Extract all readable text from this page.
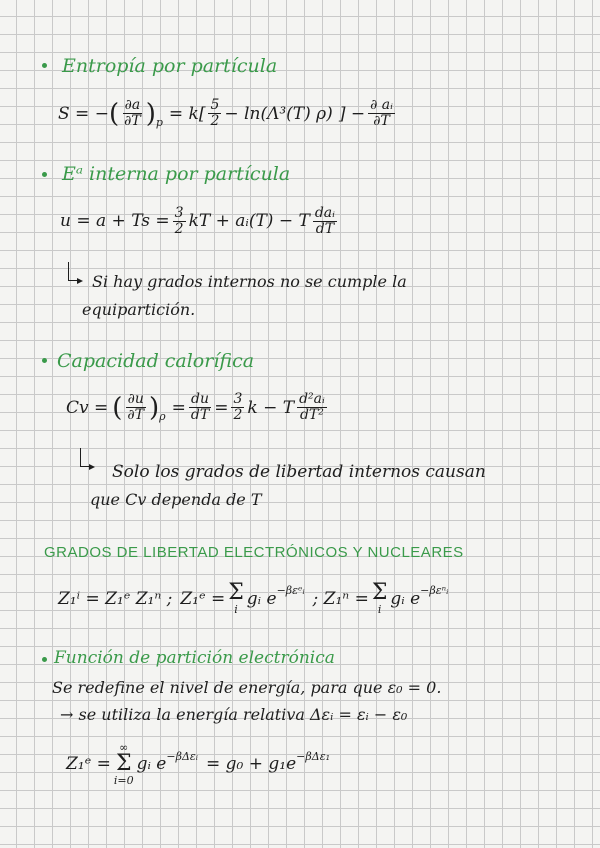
Entropía por partícula
S = − ( $\frac{\partial a}{\partial T} )_p = k[ \frac{5}{2} - \ln(\Lambda^3(T)$ ρ) ] − $\frac{\text{∂ aᵢ}}{\partial T}$
Eᵃ interna por partícula
$u = a + Ts = \frac{3}{2}$ kT + aᵢ(T) − T $\frac{\text{daᵢ}}{dT}$
Si hay grados internos no se cumple la
equipartición.
Capacidad calorífica
Cv = ( $\frac{\partial u}{\partial T} )_\rho = \frac{du}{dT} = \frac{3}{2}$ k − T $\frac{\text{d²aᵢ}}{\text{dT²}}$
Solo los grados de libertad internos causan
que Cv dependa de T
GRADOS DE LIBERTAD ELECTRÓNICOS Y NUCLEARES
Z₁ⁱ = Z₁ᵉ Z₁ⁿ ; Z₁ᵉ = Σ
i
gᵢ $e^{-\beta\varepsilon ᵉᵢ}$ ; Z₁ⁿ = Σ
i
gᵢ $e^{-\beta\varepsilon^nᵢ}$
Función de partición electrónica
Se redefine el nivel de energía, para que ε₀ = 0.
→ se utiliza la energía relativa Δεᵢ = εᵢ − ε₀
Z₁ᵉ =
∞
Σ
i=0
gᵢ $e^{-\beta\Delta\varepsilon ᵢ} = g_0 + g_1e^{-\beta\Delta\varepsilon_1}$
